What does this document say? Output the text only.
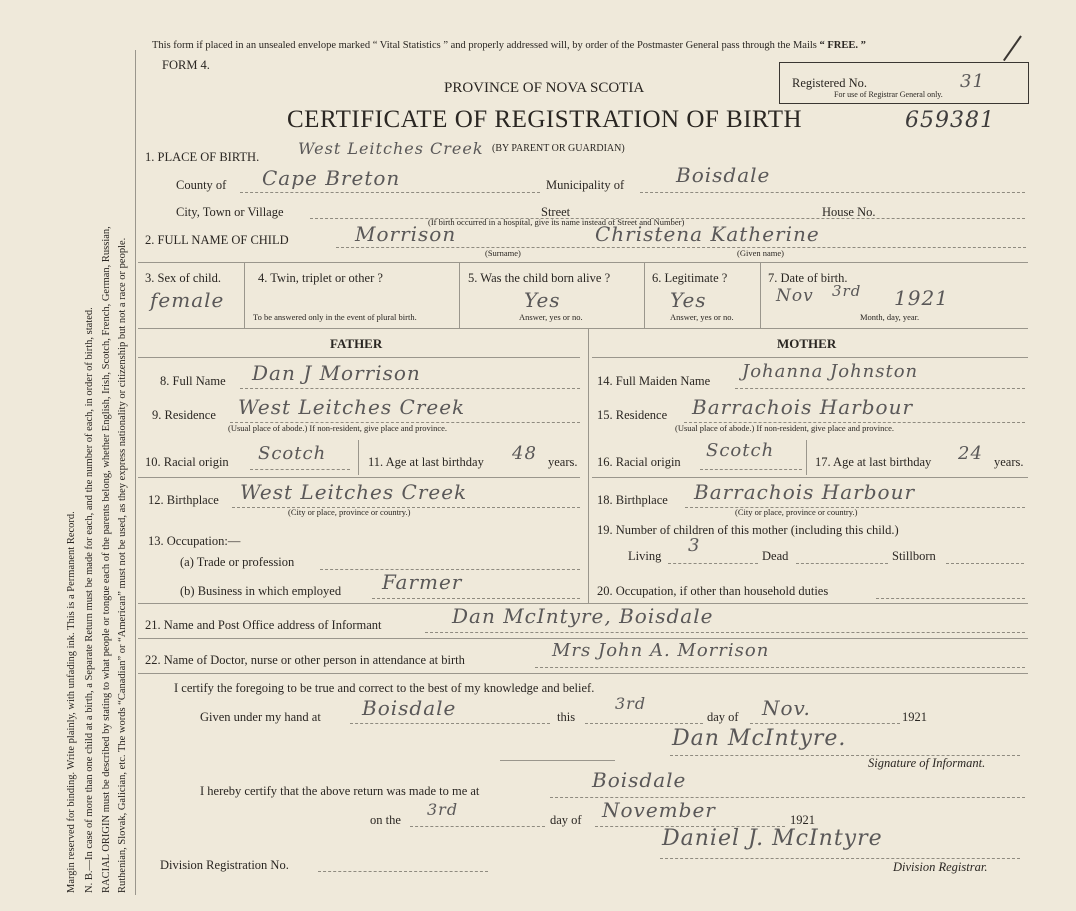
Margin reserved for binding. Write plainly, with unfading ink. This is a Permanent Record. N. B.—In case of more than one child at a birth, a Separate Return must be made for each, and the number of each, in order of birth, stated. RACIAL ORIGIN must be described by stating to what people or tongue each of the parents belong, whether English, Irish, Scotch, French, German, Russian, Ruthenian, Slovak, Galician, etc. The words “Canadian” or “American” must not be used, as they express nationality or citizenship but not a race or people.
This form if placed in an unsealed envelope marked “ Vital Statistics ” and properly addressed will, by order of the Postmaster General pass through the Mails “ FREE. ”
FORM 4.
PROVINCE OF NOVA SCOTIA
CERTIFICATE OF REGISTRATION OF BIRTH	659381
Registered No.	31
For use of Registrar General only.
1. PLACE OF BIRTH. West Leitches Creek (BY PARENT OR GUARDIAN)
County of Cape Breton	Municipality of	Boisdale
City, Town or Village	Street	House No.
(If birth occurred in a hospital, give its name instead of Street and Number)
2. FULL NAME OF CHILD	Morrison	Christena Katherine
(Surname)	(Given name)
3. Sex of child.
female
4. Twin, triplet or other ?
To be answered only in the event of plural birth.
5. Was the child born alive ?
Yes
Answer, yes or no.
6. Legitimate ?
Yes
Answer, yes or no.
7. Date of birth.
Nov 3rd 1921
Month, day, year.
FATHER	MOTHER
8. Full Name Dan J Morrison
9. Residence West Leitches Creek
(Usual place of abode.) If non-resident, give place and province.
10. Racial origin Scotch	11. Age at last birthday 48 years.
12. Birthplace West Leitches Creek
(City or place, province or country.)
13. Occupation:—
(a) Trade or profession
(b) Business in which employed Farmer
14. Full Maiden Name Johanna Johnston
15. Residence Barrachois Harbour
(Usual place of abode.) If non-resident, give place and province.
16. Racial origin
Scotch
17. Age at last birthday 24 years.
18. Birthplace Barrachois Harbour
(City or place, province or country.)
19. Number of children of this mother (including this child.)
Living 3	Dead	Stillborn
20. Occupation, if other than household duties
21. Name and Post Office address of Informant	Dan McIntyre, Boisdale
22. Name of Doctor, nurse or other person in attendance at birth	Mrs John A. Morrison
I certify the foregoing to be true and correct to the best of my knowledge and belief.
Given under my hand at Boisdale	this
3rd
day of Nov.	1921
Dan McIntyre.
Signature of Informant.
I hereby certify that the above return was made to me at	Boisdale
on the
3rd
day of November	1921
Division Registration No.
Daniel J. McIntyre
Division Registrar.
